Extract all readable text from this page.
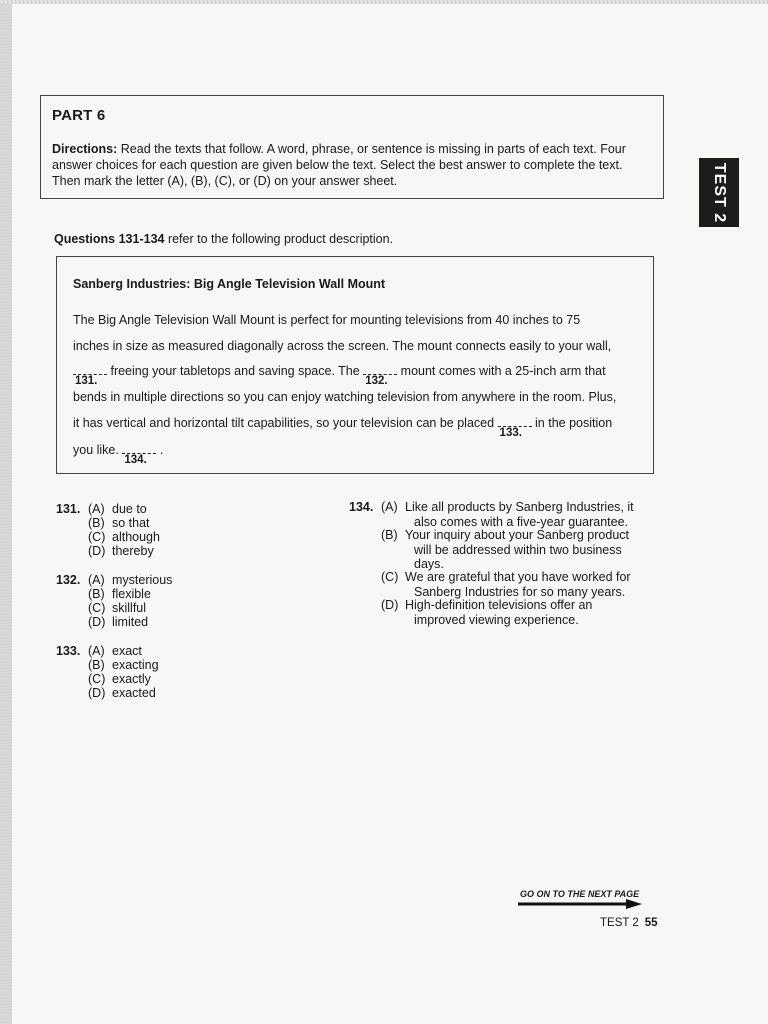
PART 6
Directions: Read the texts that follow. A word, phrase, or sentence is missing in parts of each text. Four answer choices for each question are given below the text. Select the best answer to complete the text. Then mark the letter (A), (B), (C), or (D) on your answer sheet.	TEST 2
Questions 131-134 refer to the following product description.
Sanberg Industries: Big Angle Television Wall Mount
The Big Angle Television Wall Mount is perfect for mounting televisions from 40 inches to 75
inches in size as measured diagonally across the screen. The mount connects easily to your wall,
131.
freeing your tabletops and saving space. The
132.
mount comes with a 25-inch arm that
bends in multiple directions so you can enjoy watching television from anywhere in the room. Plus,
it has vertical and horizontal tilt capabilities, so your television can be placed
133.
in the position
you like.
134.
.
131. (A) due to
(B) so that
(C) although
(D) thereby
132. (A) mysterious
(B) flexible
(C) skillful
(D) limited
133. (A) exact
(B) exacting
(C) exactly
(D) exacted
134. (A) Like all products by Sanberg Industries, it
also comes with a five-year guarantee.
(B) Your inquiry about your Sanberg product
will be addressed within two business
days.
(C) We are grateful that you have worked for
Sanberg Industries for so many years.
(D) High-definition televisions offer an
improved viewing experience.
GO ON TO THE NEXT PAGE
TEST 2 55
